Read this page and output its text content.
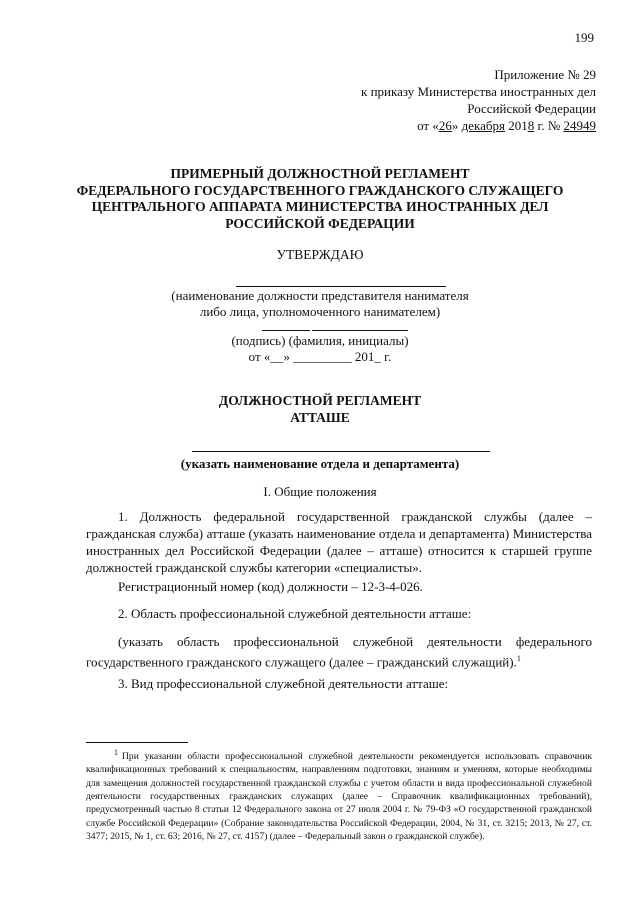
199
Приложение № 29
к приказу Министерства иностранных дел
Российской Федерации
от «26» декабря 2018 г. № 24949
ПРИМЕРНЫЙ ДОЛЖНОСТНОЙ РЕГЛАМЕНТ
ФЕДЕРАЛЬНОГО ГОСУДАРСТВЕННОГО ГРАЖДАНСКОГО СЛУЖАЩЕГО
ЦЕНТРАЛЬНОГО АППАРАТА МИНИСТЕРСТВА ИНОСТРАННЫХ ДЕЛ
РОССИЙСКОЙ ФЕДЕРАЦИИ
УТВЕРЖДАЮ
(наименование должности представителя нанимателя
либо лица, уполномоченного нанимателем)
(подпись) (фамилия, инициалы)
от «__» _________ 201_ г.
ДОЛЖНОСТНОЙ РЕГЛАМЕНТ
АТТАШЕ
(указать наименование отдела и департамента)
I. Общие положения
1. Должность федеральной государственной гражданской службы (далее – гражданская служба) атташе (указать наименование отдела и департамента) Министерства иностранных дел Российской Федерации (далее – атташе) относится к старшей группе должностей гражданской службы категории «специалисты».
Регистрационный номер (код) должности – 12-3-4-026.
2. Область профессиональной служебной деятельности атташе:
(указать область профессиональной служебной деятельности федерального государственного гражданского служащего (далее – гражданский служащий).$^1$
3. Вид профессиональной служебной деятельности атташе:
$^1$ При указании области профессиональной служебной деятельности рекомендуется использовать справочник квалификационных требований к специальностям, направлениям подготовки, знаниям и умениям, которые необходимы для замещения должностей государственной гражданской службы с учетом области и вида профессиональной служебной деятельности государственных гражданских служащих (далее – Справочник квалификационных требований), предусмотренный частью 8 статьи 12 Федерального закона от 27 июля 2004 г. № 79-ФЗ «О государственной гражданской службе Российской Федерации» (Собрание законодательства Российской Федерации, 2004, № 31, ст. 3215; 2013, № 27, ст. 3477; 2015, № 1, ст. 63; 2016, № 27, ст. 4157) (далее – Федеральный закон о гражданской службе).
